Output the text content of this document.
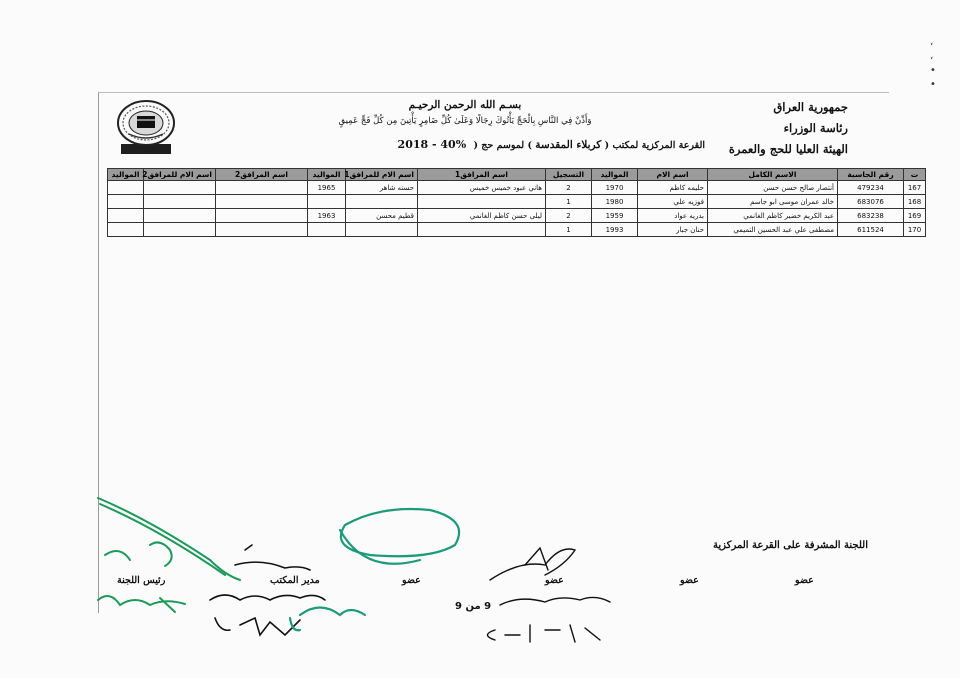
،
،
•
•
جمهورية العراق
رئاسة الوزراء
الهيئة العليا للحج والعمرة
بسـم الله الرحمن الرحيـم
وَأَذِّنْ فِي النَّاسِ بِالْحَجِّ يَأْتُوكَ رِجَالًا وَعَلَىٰ كُلِّ ضَامِرٍ يَأْتِينَ مِن كُلِّ فَجٍّ عَمِيقٍ
القرعة المركزية لمكتب ( كربلاء المقدسة ) لموسم حج ( 2018 - 40%
ت	رقم الحاسبة	الاسم الكامل	اسم الام	المواليد	التسجيل	اسم المرافق1	اسم الام للمرافق1	المواليد	اسم المرافق2	اسم الام للمرافق2	المواليد
167	479234	أنتصار صالح حسن حسن	حليمه كاظم	1970	2	هاني عبود خميس خميس	حسنه شاهر	1965			
168	683076	خالد عمران موسى ابو جاسم	فوزيه علي	1980	1						
169	683238	عبد الكريم خضير كاظم الغانمي	بدريه عواد	1959	2	ليلى حسن كاظم الغانمي	قطيم محسن	1963			
170	611524	مصطفى علي عبد الحسين التميمي	حنان جبار	1993	1						
اللجنة المشرفة على القرعة المركزية
عضو
عضو
عضو
عضو
مدير المكتب
رئيس اللجنة
9 من 9
